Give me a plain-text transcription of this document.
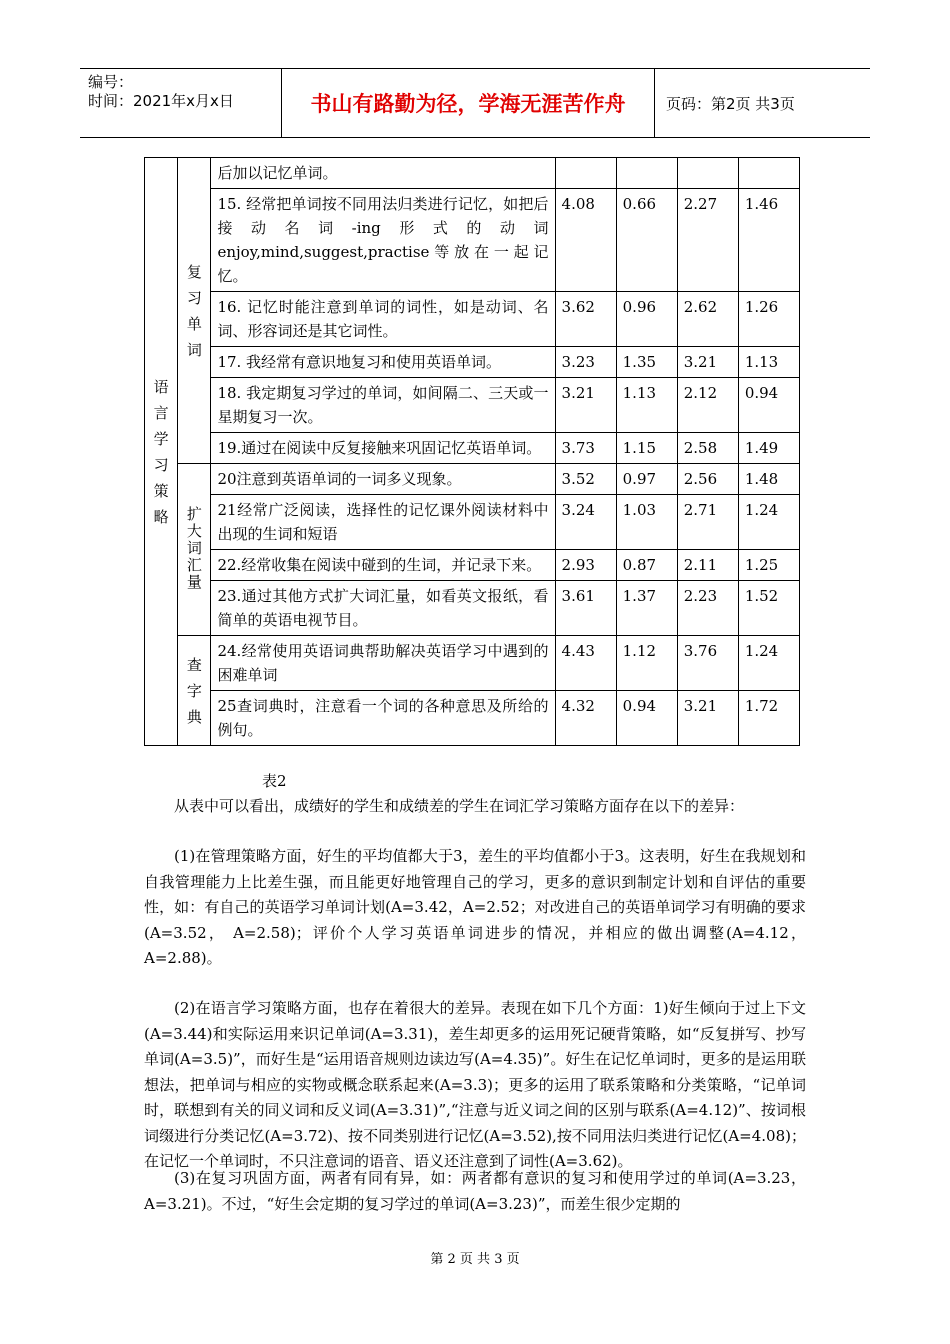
编号：
时间：2021年x月x日	书山有路勤为径，学海无涯苦作舟	页码：第2页 共3页
语言学习策略	复习单词	后加以记忆单词。				
		15. 经常把单词按不同用法归类进行记忆，如把后接动名词-ing形式的动词enjoy,mind,suggest,practise等放在一起记忆。	4.08	0.66	2.27	1.46
		16. 记忆时能注意到单词的词性，如是动词、名词、形容词还是其它词性。	3.62	0.96	2.62	1.26
		17. 我经常有意识地复习和使用英语单词。	3.23	1.35	3.21	1.13
		18. 我定期复习学过的单词，如间隔二、三天或一星期复习一次。	3.21	1.13	2.12	0.94
		19.通过在阅读中反复接触来巩固记忆英语单词。	3.73	1.15	2.58	1.49
	扩大词汇量	20注意到英语单词的一词多义现象。	3.52	0.97	2.56	1.48
		21经常广泛阅读，选择性的记忆课外阅读材料中出现的生词和短语	3.24	1.03	2.71	1.24
		22.经常收集在阅读中碰到的生词，并记录下来。	2.93	0.87	2.11	1.25
		23.通过其他方式扩大词汇量，如看英文报纸，看简单的英语电视节目。	3.61	1.37	2.23	1.52
	查字典	24.经常使用英语词典帮助解决英语学习中遇到的困难单词	4.43	1.12	3.76	1.24
		25查词典时，注意看一个词的各种意思及所给的例句。	4.32	0.94	3.21	1.72
表2

从表中可以看出，成绩好的学生和成绩差的学生在词汇学习策略方面存在以下的差异：

(1)在管理策略方面，好生的平均值都大于3，差生的平均值都小于3。这表明，好生在我规划和自我管理能力上比差生强，而且能更好地管理自己的学习，更多的意识到制定计划和自评估的重要性，如：有自己的英语学习单词计划(A=3.42，A=2.52；对改进自己的英语单词学习有明确的要求(A=3.52， A=2.58)；评价个人学习英语单词进步的情况，并相应的做出调整(A=4.12，A=2.88)。

(2)在语言学习策略方面，也存在着很大的差异。表现在如下几个方面：1)好生倾向于过上下文(A=3.44)和实际运用来识记单词(A=3.31)，差生却更多的运用死记硬背策略，如“反复拼写、抄写单词(A=3.5)”，而好生是“运用语音规则边读边写(A=4.35)”。好生在记忆单词时，更多的是运用联想法，把单词与相应的实物或概念联系起来(A=3.3)；更多的运用了联系策略和分类策略，“记单词时，联想到有关的同义词和反义词(A=3.31)”,“注意与近义词之间的区别与联系(A=4.12)”、按词根词缀进行分类记忆(A=3.72)、按不同类别进行记忆(A=3.52),按不同用法归类进行记忆(A=4.08)；在记忆一个单词时，不只注意词的语音、语义还注意到了词性(A=3.62)。

(3)在复习巩固方面，两者有同有异，如：两者都有意识的复习和使用学过的单词(A=3.23，A=3.21)。不过，“好生会定期的复习学过的单词(A=3.23)”，而差生很少定期的

第 2 页 共 3 页
